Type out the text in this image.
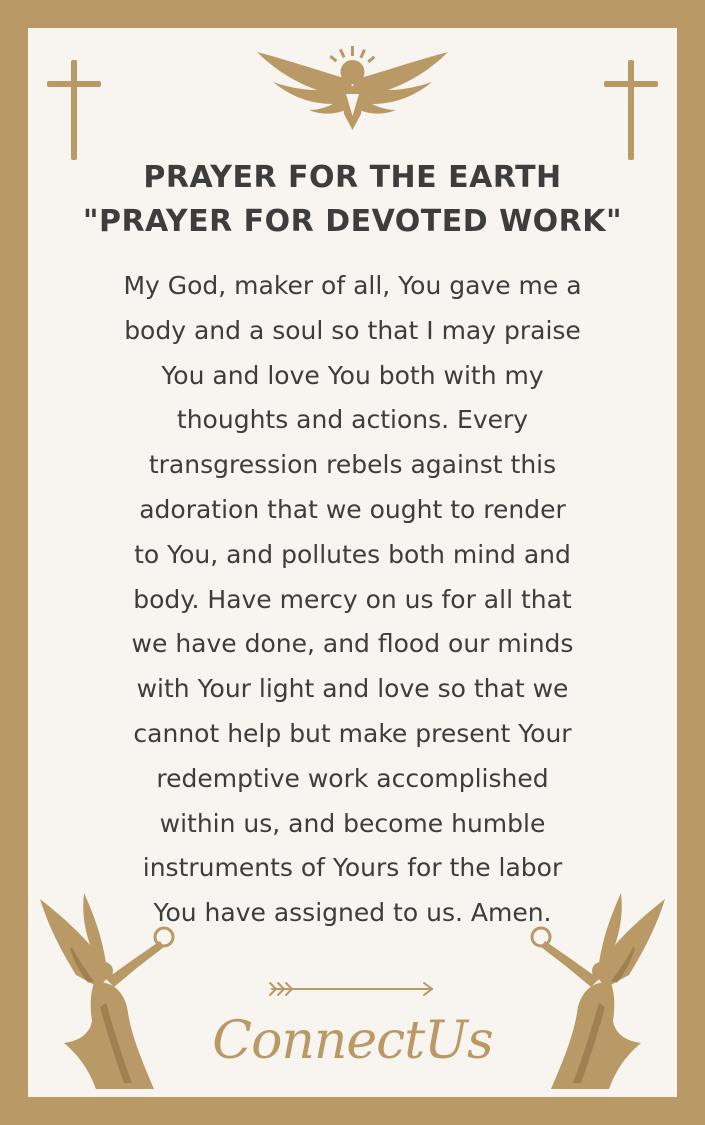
PRAYER FOR THE EARTH
"PRAYER FOR DEVOTED WORK"
My God, maker of all, You gave me a
body and a soul so that I may praise
You and love You both with my
thoughts and actions. Every
transgression rebels against this
adoration that we ought to render
to You, and pollutes both mind and
body. Have mercy on us for all that
we have done, and flood our minds
with Your light and love so that we
cannot help but make present Your
redemptive work accomplished
within us, and become humble
instruments of Yours for the labor
You have assigned to us. Amen.
ConnectUs
